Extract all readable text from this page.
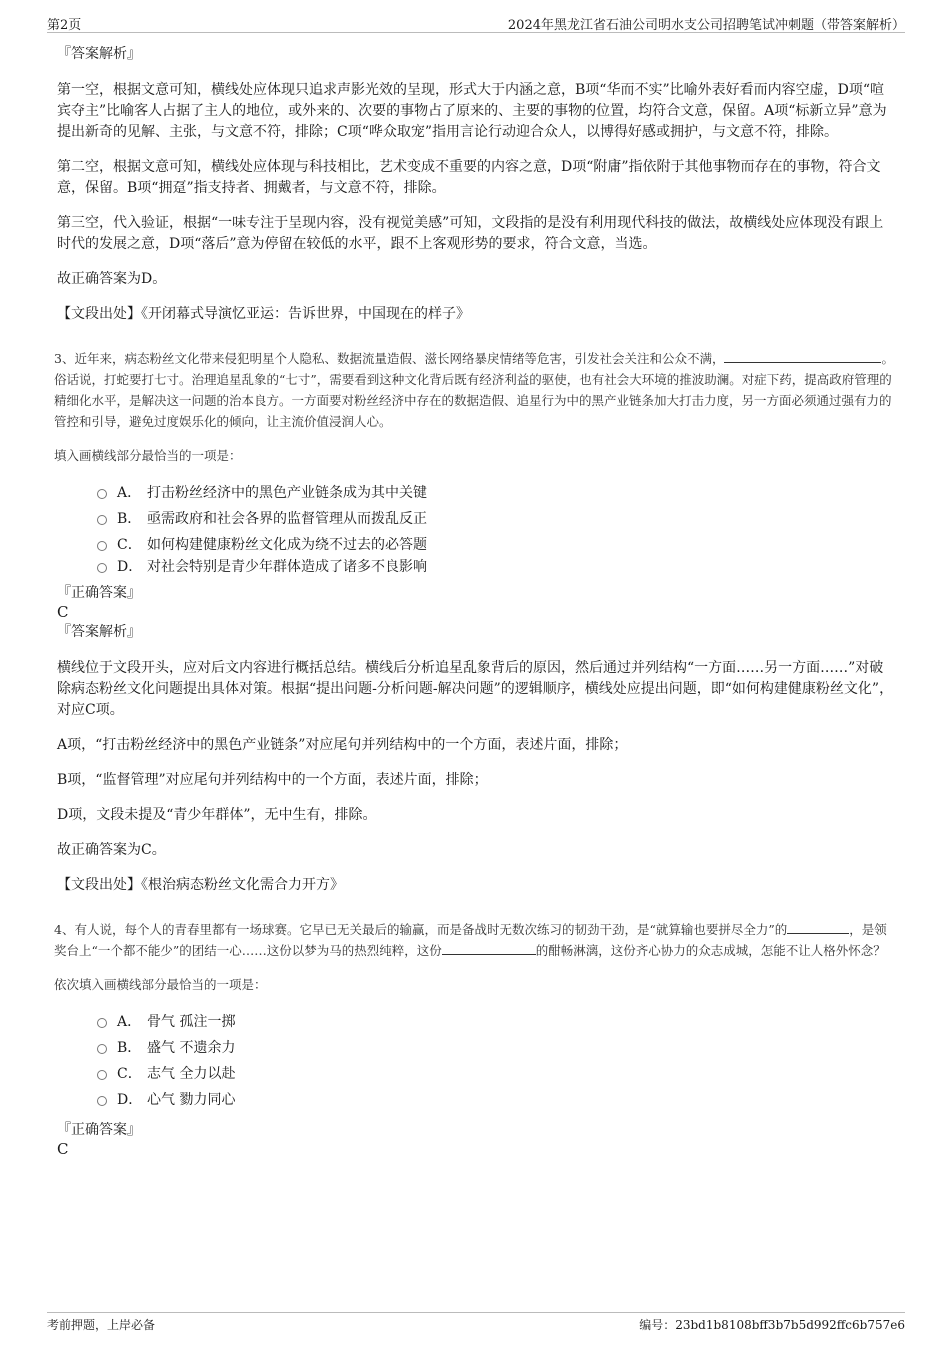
第2页	2024年黑龙江省石油公司明水支公司招聘笔试冲刺题（带答案解析）
『答案解析』
第一空，根据文意可知，横线处应体现只追求声影光效的呈现，形式大于内涵之意，B项“华而不实”比喻外表好看而内容空虚，D项“喧宾夺主”比喻客人占据了主人的地位，或外来的、次要的事物占了原来的、主要的事物的位置，均符合文意，保留。A项“标新立异”意为提出新奇的见解、主张，与文意不符，排除；C项“哗众取宠”指用言论行动迎合众人，以博得好感或拥护，与文意不符，排除。
第二空，根据文意可知，横线处应体现与科技相比，艺术变成不重要的内容之意，D项“附庸”指依附于其他事物而存在的事物，符合文意，保留。B项“拥趸”指支持者、拥戴者，与文意不符，排除。
第三空，代入验证，根据“一味专注于呈现内容，没有视觉美感”可知，文段指的是没有利用现代科技的做法，故横线处应体现没有跟上时代的发展之意，D项“落后”意为停留在较低的水平，跟不上客观形势的要求，符合文意，当选。
故正确答案为D。
【文段出处】《开闭幕式导演忆亚运：告诉世界，中国现在的样子》
3、近年来，病态粉丝文化带来侵犯明星个人隐私、数据流量造假、滋长网络暴戾情绪等危害，引发社会关注和公众不满，	。俗话说，打蛇要打七寸。治理追星乱象的“七寸”，需要看到这种文化背后既有经济利益的驱使，也有社会大环境的推波助澜。对症下药，提高政府管理的精细化水平，是解决这一问题的治本良方。一方面要对粉丝经济中存在的数据造假、追星行为中的黑产业链条加大打击力度，另一方面必须通过强有力的管控和引导，避免过度娱乐化的倾向，让主流价值浸润人心。
填入画横线部分最恰当的一项是：
A． 打击粉丝经济中的黑色产业链条成为其中关键
B． 亟需政府和社会各界的监督管理从而拨乱反正
C． 如何构建健康粉丝文化成为绕不过去的必答题
D． 对社会特别是青少年群体造成了诸多不良影响
『正确答案』
C
『答案解析』
横线位于文段开头，应对后文内容进行概括总结。横线后分析追星乱象背后的原因，然后通过并列结构“一方面……另一方面……”对破除病态粉丝文化问题提出具体对策。根据“提出问题-分析问题-解决问题”的逻辑顺序，横线处应提出问题，即“如何构建健康粉丝文化”，对应C项。
A项，“打击粉丝经济中的黑色产业链条”对应尾句并列结构中的一个方面，表述片面，排除；
B项，“监督管理”对应尾句并列结构中的一个方面，表述片面，排除；
D项，文段未提及“青少年群体”，无中生有，排除。
故正确答案为C。
【文段出处】《根治病态粉丝文化需合力开方》
4、有人说，每个人的青春里都有一场球赛。它早已无关最后的输赢，而是备战时无数次练习的韧劲干劲，是“就算输也要拼尽全力”的	，是领奖台上“一个都不能少”的团结一心……这份以梦为马的热烈纯粹，这份	的酣畅淋漓，这份齐心协力的众志成城，怎能不让人格外怀念？
依次填入画横线部分最恰当的一项是：
A． 骨气 孤注一掷
B． 盛气 不遗余力
C． 志气 全力以赴
D． 心气 勠力同心
『正确答案』
C
考前押题，上岸必备	编号：23bd1b8108bff3b7b5d992ffc6b757e6
